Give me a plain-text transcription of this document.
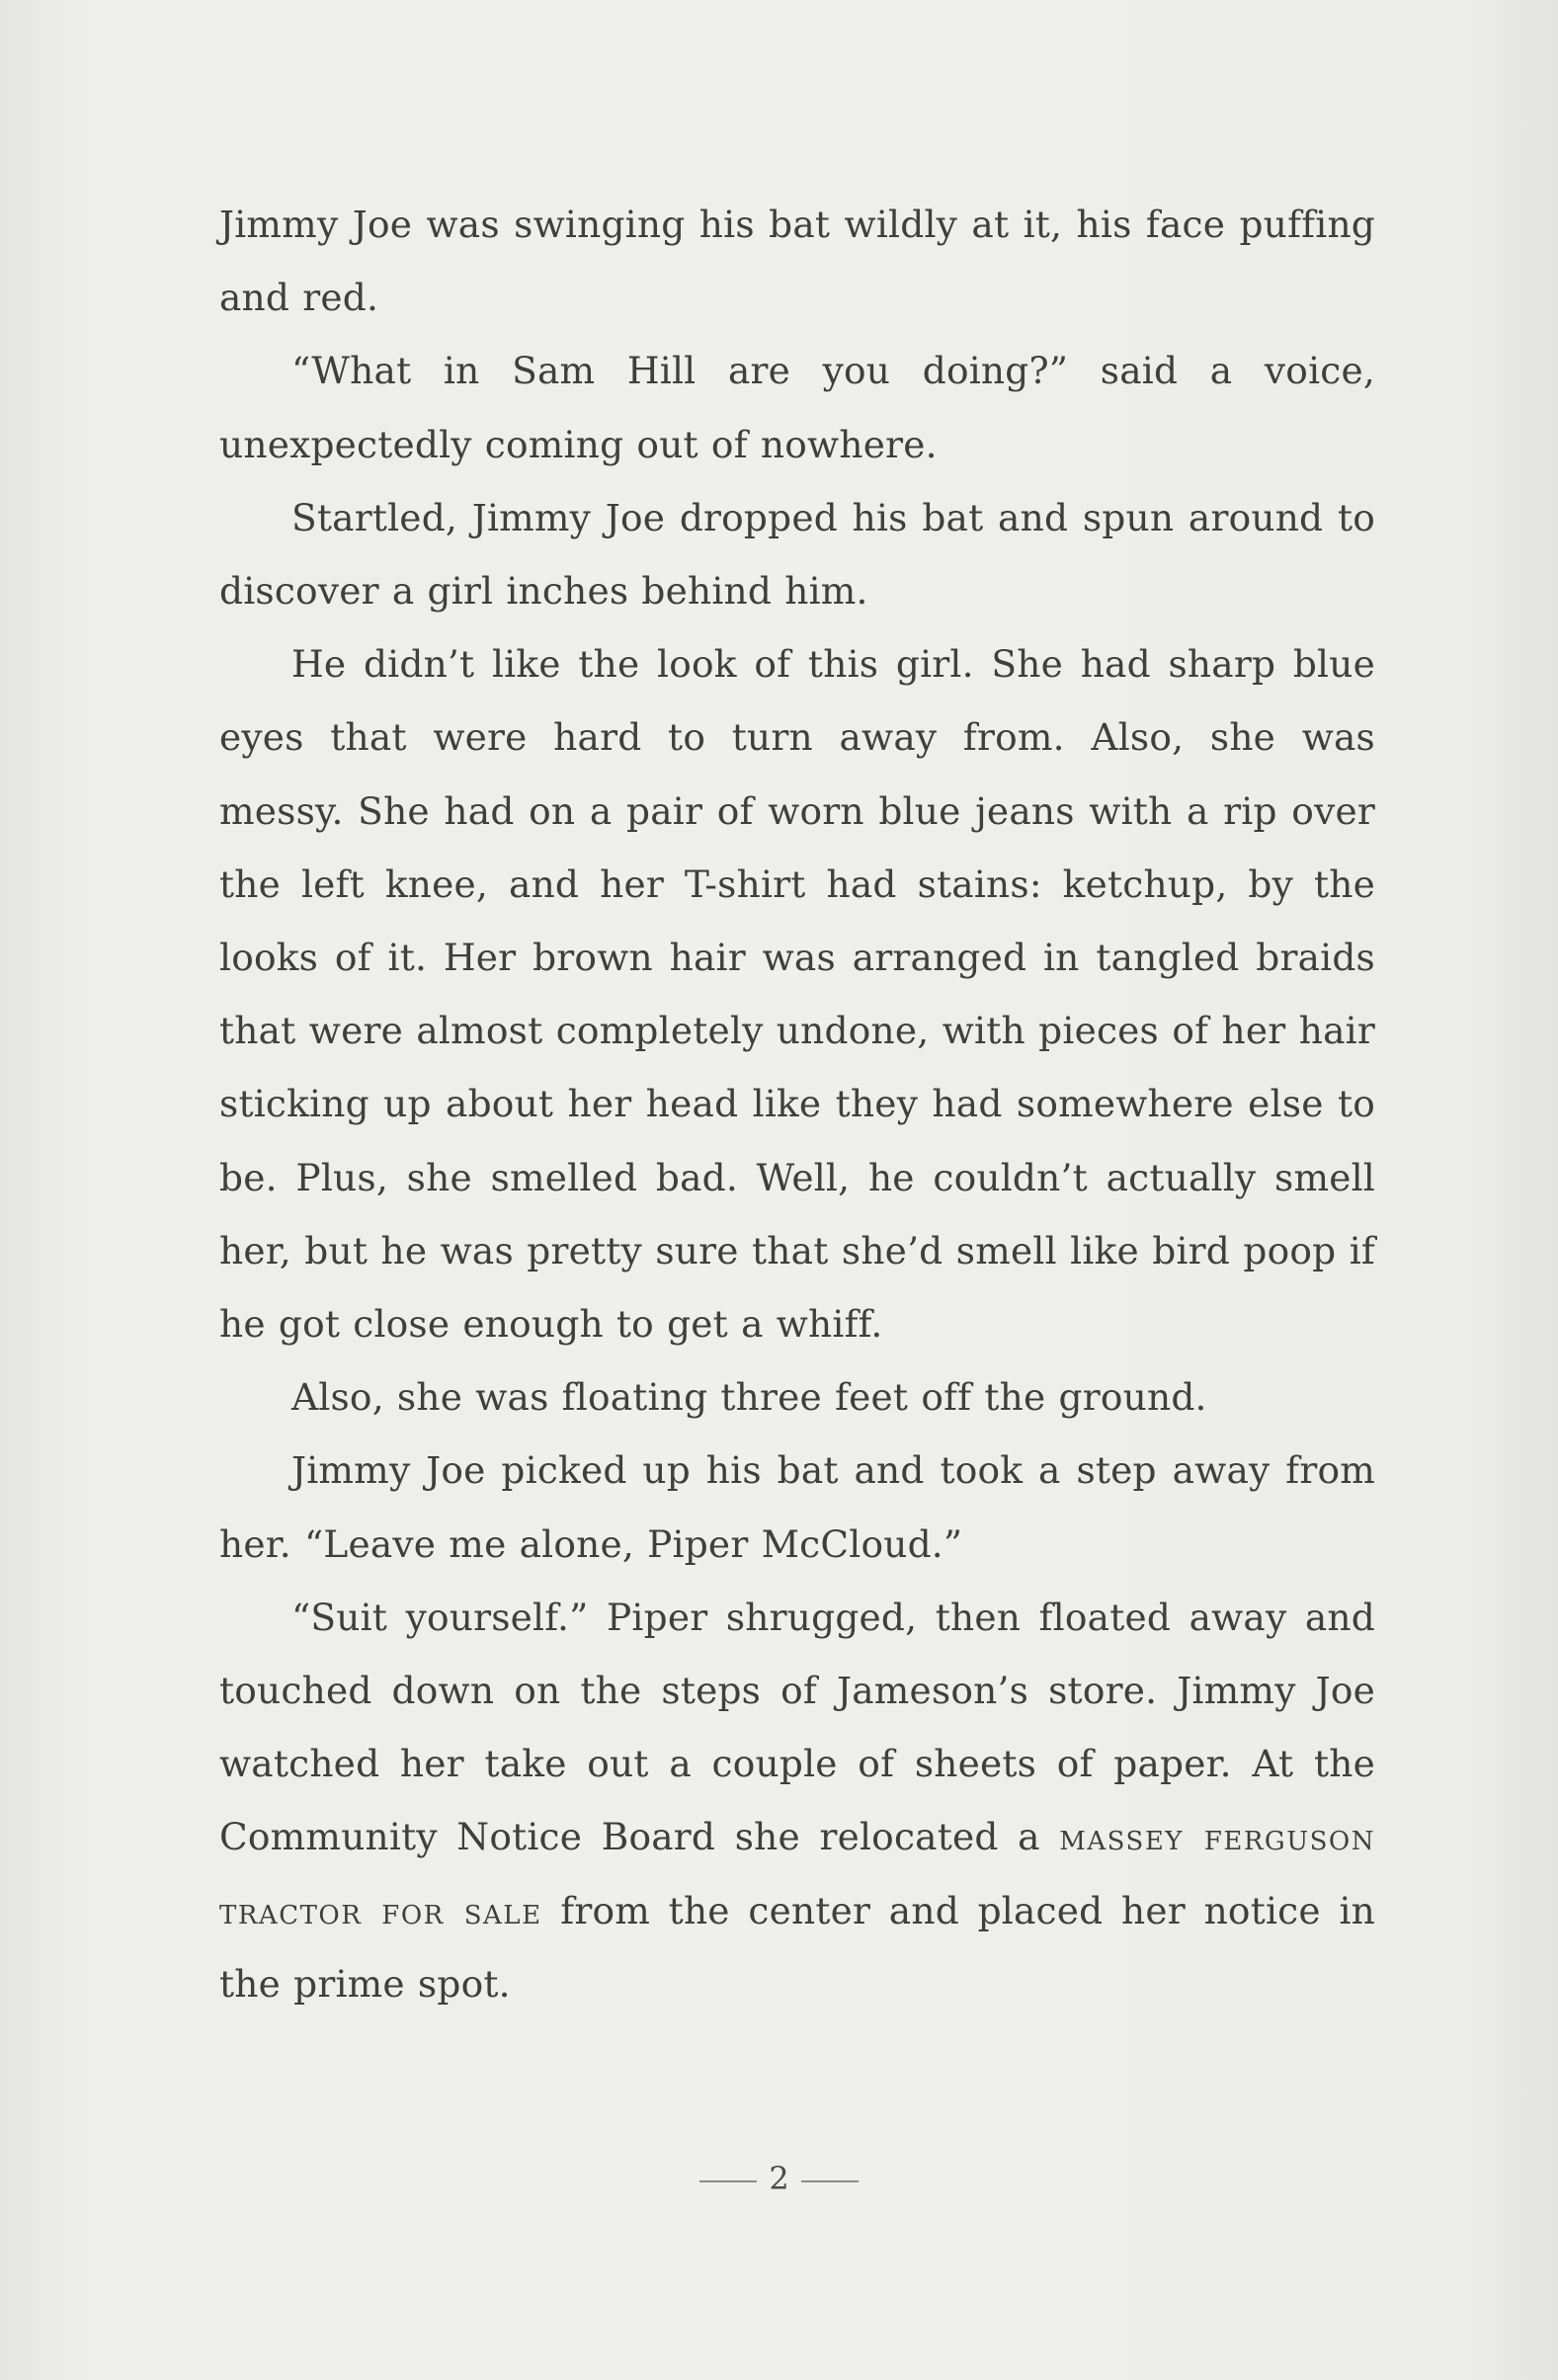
Jimmy Joe was swinging his bat wildly at it, his face puffing and red.

“What in Sam Hill are you doing?” said a voice, unexpectedly coming out of nowhere.

Startled, Jimmy Joe dropped his bat and spun around to discover a girl inches behind him.

He didn’t like the look of this girl. She had sharp blue eyes that were hard to turn away from. Also, she was messy. She had on a pair of worn blue jeans with a rip over the left knee, and her T-shirt had stains: ketchup, by the looks of it. Her brown hair was arranged in tangled braids that were almost completely undone, with pieces of her hair sticking up about her head like they had somewhere else to be. Plus, she smelled bad. Well, he couldn’t actually smell her, but he was pretty sure that she’d smell like bird poop if he got close enough to get a whiff.

Also, she was floating three feet off the ground.

Jimmy Joe picked up his bat and took a step away from her. “Leave me alone, Piper McCloud.”

“Suit yourself.” Piper shrugged, then floated away and touched down on the steps of Jameson’s store. Jimmy Joe watched her take out a couple of sheets of paper. At the Community Notice Board she relocated a massey ferguson tractor for sale from the center and placed her notice in the prime spot.

2
